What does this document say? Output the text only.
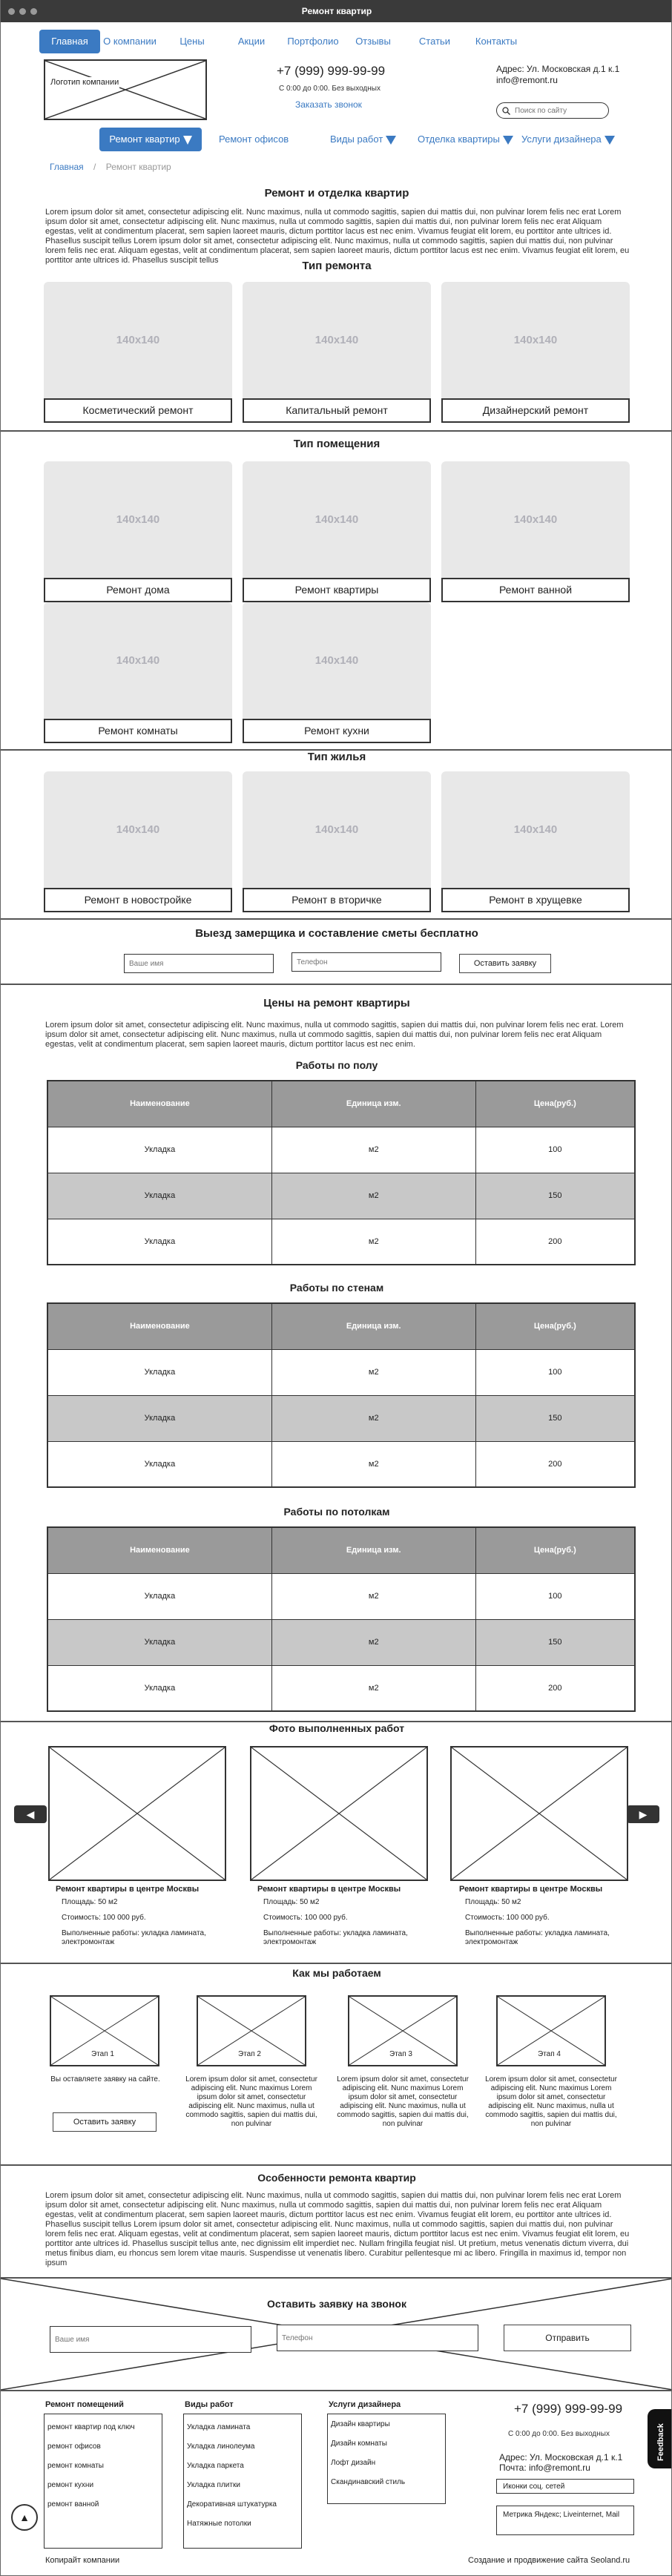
Ремонт квартир
Главная	О компании	Цены	Акции	Портфолио	Отзывы	Статьи	Контакты
Логотип компании
+7 (999) 999-99-99
С 0:00 до 0:00. Без выходных
Заказать звонок
Адрес: Ул. Московская д.1 к.1
info@remont.ru
Поиск по сайту
Ремонт квартир	Ремонт офисов	Виды работ	Отделка квартиры	Услуги дизайнера
Главная / Ремонт квартир
Ремонт и отделка квартир
Lorem ipsum dolor sit amet, consectetur adipiscing elit. Nunc maximus, nulla ut commodo sagittis, sapien dui mattis dui, non pulvinar lorem felis nec erat Lorem ipsum dolor sit amet, consectetur adipiscing elit. Nunc maximus, nulla ut commodo sagittis, sapien dui mattis dui, non pulvinar lorem felis nec erat Aliquam egestas, velit at condimentum placerat, sem sapien laoreet mauris, dictum porttitor lacus est nec enim. Vivamus feugiat elit lorem, eu porttitor ante ultrices id. Phasellus suscipit tellus Lorem ipsum dolor sit amet, consectetur adipiscing elit. Nunc maximus, nulla ut commodo sagittis, sapien dui mattis dui, non pulvinar lorem felis nec erat. Aliquam egestas, velit at condimentum placerat, sem sapien laoreet mauris, dictum porttitor lacus est nec enim. Vivamus feugiat elit lorem, eu porttitor ante ultrices id. Phasellus suscipit tellus	Тип ремонта
140x140
Косметический ремонт
140x140
Капитальный ремонт
140x140
Дизайнерский ремонт
Тип помещения
140x140
Ремонт дома
140x140
Ремонт квартиры
140x140
Ремонт ванной
140x140
Ремонт комнаты
140x140
Ремонт кухни
Тип жилья
140x140
Ремонт в новостройке
140x140
Ремонт в вторичке
140x140
Ремонт в хрущевке
Выезд замерщика и составление сметы бесплатно
Ваше имя
Телефон
Оставить заявку
Цены на ремонт квартиры
Lorem ipsum dolor sit amet, consectetur adipiscing elit. Nunc maximus, nulla ut commodo sagittis, sapien dui mattis dui, non pulvinar lorem felis nec erat. Lorem ipsum dolor sit amet, consectetur adipiscing elit. Nunc maximus, nulla ut commodo sagittis, sapien dui mattis dui, non pulvinar lorem felis nec erat Aliquam egestas, velit at condimentum placerat, sem sapien laoreet mauris, dictum porttitor lacus est nec enim.
Работы по полу
Наименование	Единица изм.	Цена(руб.)
Укладка	м2	100
Укладка	м2	150
Укладка	м2	200
Работы по стенам
Наименование	Единица изм.	Цена(руб.)
Укладка	м2	100
Укладка	м2	150
Укладка	м2	200
Работы по потолкам
Наименование	Единица изм.	Цена(руб.)
Укладка	м2	100
Укладка	м2	150
Укладка	м2	200
Фото выполненных работ
◀	▶
Ремонт квартиры в центре Москвы
Площадь: 50 м2
Стоимость: 100 000 руб.
Выполненные работы: укладка ламината, электромонтаж
Ремонт квартиры в центре Москвы
Площадь: 50 м2
Стоимость: 100 000 руб.
Выполненные работы: укладка ламината, электромонтаж
Ремонт квартиры в центре Москвы
Площадь: 50 м2
Стоимость: 100 000 руб.
Выполненные работы: укладка ламината, электромонтаж
Как мы работаем
Этап 1
Вы оставляете заявку на сайте.
Оставить заявку
Этап 2
Lorem ipsum dolor sit amet, consectetur adipiscing elit. Nunc maximus Lorem ipsum dolor sit amet, consectetur adipiscing elit. Nunc maximus, nulla ut commodo sagittis, sapien dui mattis dui, non pulvinar
Этап 3
Lorem ipsum dolor sit amet, consectetur adipiscing elit. Nunc maximus Lorem ipsum dolor sit amet, consectetur adipiscing elit. Nunc maximus, nulla ut commodo sagittis, sapien dui mattis dui, non pulvinar
Этап 4
Lorem ipsum dolor sit amet, consectetur adipiscing elit. Nunc maximus Lorem ipsum dolor sit amet, consectetur adipiscing elit. Nunc maximus, nulla ut commodo sagittis, sapien dui mattis dui, non pulvinar
Особенности ремонта квартир
Lorem ipsum dolor sit amet, consectetur adipiscing elit. Nunc maximus, nulla ut commodo sagittis, sapien dui mattis dui, non pulvinar lorem felis nec erat Lorem ipsum dolor sit amet, consectetur adipiscing elit. Nunc maximus, nulla ut commodo sagittis, sapien dui mattis dui, non pulvinar lorem felis nec erat Aliquam egestas, velit at condimentum placerat, sem sapien laoreet mauris, dictum porttitor lacus est nec enim. Vivamus feugiat elit lorem, eu porttitor ante ultrices id. Phasellus suscipit tellus Lorem ipsum dolor sit amet, consectetur adipiscing elit. Nunc maximus, nulla ut commodo sagittis, sapien dui mattis dui, non pulvinar lorem felis nec erat. Aliquam egestas, velit at condimentum placerat, sem sapien laoreet mauris, dictum porttitor lacus est nec enim. Vivamus feugiat elit lorem, eu porttitor ante ultrices id. Phasellus suscipit tellus ante, nec dignissim elit imperdiet nec. Nullam fringilla feugiat nisl. Ut pretium, metus venenatis dictum viverra, dui metus finibus diam, eu rhoncus sem lorem vitae mauris. Suspendisse ut venenatis libero. Curabitur pellentesque mi ac libero. Fringilla in maximus id, tempor non ipsum
Оставить заявку на звонок
Ваше имя
Телефон
Отправить
Ремонт помещений
ремонт квартир под ключ
ремонт офисов
ремонт комнаты
ремонт кухни
ремонт ванной
Виды работ
Укладка ламината
Укладка линолеума
Укладка паркета
Укладка плитки
Декоративная штукатурка
Натяжные потолки
Услуги дизайнера
Дизайн квартиры
Дизайн комнаты
Лофт дизайн
Скандинавский стиль
+7 (999) 999-99-99
С 0:00 до 0:00. Без выходных
Адрес: Ул. Московская д.1 к.1
Почта: info@remont.ru
Иконки соц. сетей
Метрика Яндекс; Liveinternet, Mail
Feedback
▲
Копирайт компании	Создание и продвижение сайта Seoland.ru
